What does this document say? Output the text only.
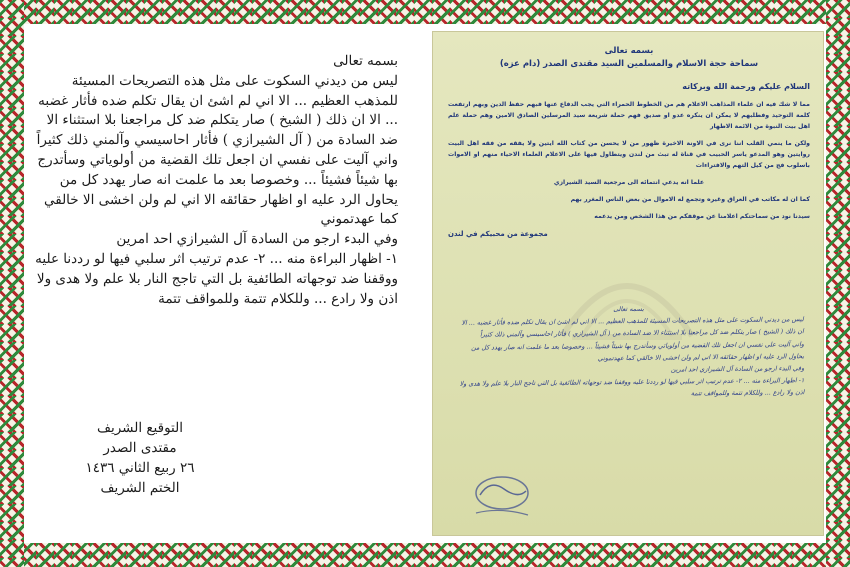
بسمه تعالى

ليس من ديدني السكوت على مثل هذه التصريحات المسيئة للمذهب العظيم ... الا اني لم اشئ ان يقال تكلم ضده فأثار غضبه ... الا ان ذلك ( الشيخ ) صار يتكلم ضد كل مراجعنا بلا استثناء الا ضد السادة من ( آل الشيرازي ) فأثار احاسيسي وآلمني ذلك كثيراً

واني آليت على نفسي ان اجعل تلك القضية من أولوياتي وسأتدرج بها شيئاً فشيئاً ... وخصوصا بعد ما علمت انه صار يهدد كل من يحاول الرد عليه او اظهار حقائقه الا اني لم ولن اخشى الا خالقي كما عهدتموني

وفي البدء ارجو من السادة آل الشيرازي احد امرين

١- اظهار البراءة منه ... ٢- عدم ترتيب اثر سلبي فيها لو رددنا عليه ووقفنا ضد توجهاته الطائفية بل التي تاجج النار بلا علم ولا هدى ولا اذن ولا رادع ... وللكلام تتمة وللمواقف تتمة

التوقيع الشريف

مقتدى الصدر

٢٦ ربيع الثاني ١٤٣٦

الختم الشريف

بسمه تعالى

سماحة حجة الاسلام والمسلمين السيد مقتدى الصدر (دام عزه)

السلام عليكم ورحمة الله وبركاته

مما لا شك فيه ان علماء المذاهب الاعلام هم من الخطوط الحمراء التي يجب الدفاع عنها فبهم حفظ الدين وبهم ارتفعت كلمة التوحيد وفطلبهم لا يمكن ان ينكره عدو او صديق فهم حملة شريعة سيد المرسلين الصادق الامين وهم حملة علم اهل بيت النبوة من الائمة الاطهار

ولكن ما ينمي القلب اننا نرى في الاونة الاخيرة ظهور من لا يحسن من كتاب الله ايتين ولا يفقه من فقه اهل البيت روايتين وهو المدعو ياسر الحبيب في قناة له تبث من لندن ويتطاول فيها على الاعلام العلماء الاحياء منهم او الاموات باسلوب فج من كيل التهم والافتراءات

علما انه يدعي انتمائه الى مرجعية السيد الشيرازي

كما ان له مكاتب في العراق وغيره وتجمع له الاموال من بعض الناس المغرر بهم

سيدنا نود من سماحتكم اعلامنا عن موقفكم من هذا الشخص ومن يدعمه

مجموعة من محبيكم في لندن

بسمه تعالى

ليس من ديدني السكوت على مثل هذه التصريحات المسيئة للمذهب العظيم ... الا اني لم اشئ ان يقال تكلم ضده فأثار غضبه ... الا ان ذلك ( الشيخ ) صار يتكلم ضد كل مراجعنا بلا استثناء الا ضد السادة من ( آل الشيرازي ) فأثار احاسيسي وآلمني ذلك كثيراً

واني آليت على نفسي ان اجعل تلك القضية من أولوياتي وسأتدرج بها شيئاً فشيئاً ... وخصوصا بعد ما علمت انه صار يهدد كل من يحاول الرد عليه او اظهار حقائقه الا اني لم ولن اخشى الا خالقي كما عهدتموني

وفي البدء ارجو من السادة آل الشيرازي احد امرين

١- اظهار البراءة منه ... ٢- عدم ترتيب اثر سلبي فيها لو رددنا عليه ووقفنا ضد توجهاته الطائفية بل التي تاجج النار بلا علم ولا هدى ولا اذن ولا رادع ... وللكلام تتمة وللمواقف تتمة
